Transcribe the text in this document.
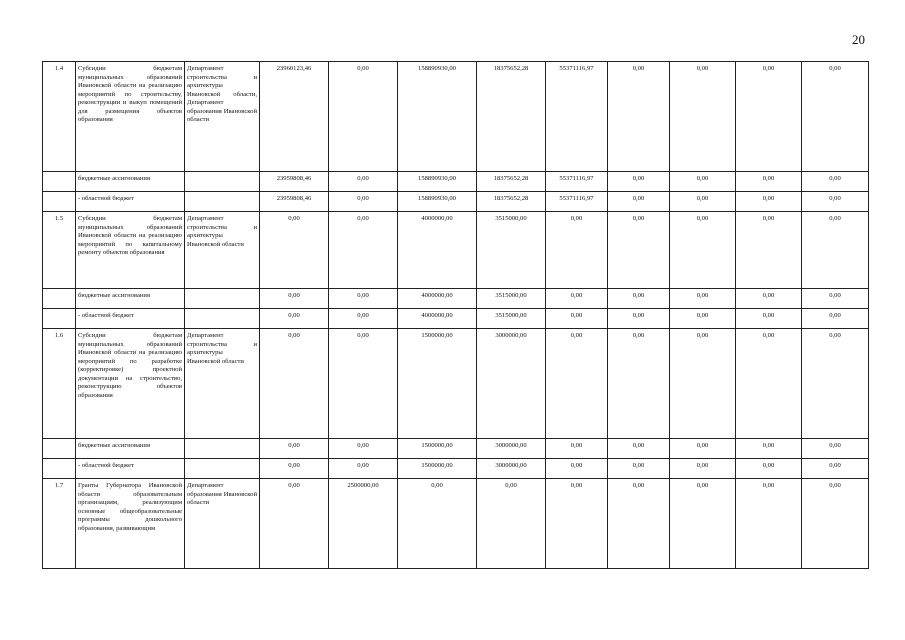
20
1.4	Субсидии бюджетам муниципальных образований Ивановской области на реализацию мероприятий по строительству, реконструкции и выкуп помещений для размещения объектов образования	Департамент строительства и архитектуры Ивановской области, Департамент образования Ивановской области	23960123,46	0,00	158890930,00	18375652,28	55371116,97	0,00	0,00	0,00	0,00
	бюджетные ассигнования		23959808,46	0,00	158890930,00	18375652,28	55371116,97	0,00	0,00	0,00	0,00
	- областной бюджет		23959808,46	0,00	158890930,00	18375652,28	55371116,97	0,00	0,00	0,00	0,00
1.5	Субсидии бюджетам муниципальных образований Ивановской области на реализацию мероприятий по капитальному ремонту объектов образования	Департамент строительства и архитектуры Ивановской области	0,00	0,00	4000000,00	3515000,00	0,00	0,00	0,00	0,00	0,00
	бюджетные ассигнования		0,00	0,00	4000000,00	3515000,00	0,00	0,00	0,00	0,00	0,00
	- областной бюджет		0,00	0,00	4000000,00	3515000,00	0,00	0,00	0,00	0,00	0,00
1.6	Субсидии бюджетам муниципальных образований Ивановской области на реализацию мероприятий по разработке (корректировке) проектной документации на строительство, реконструкцию объектов образования	Департамент строительства и архитектуры Ивановской области	0,00	0,00	1500000,00	3000000,00	0,00	0,00	0,00	0,00	0,00
	бюджетные ассигнования		0,00	0,00	1500000,00	3000000,00	0,00	0,00	0,00	0,00	0,00
	- областной бюджет		0,00	0,00	1500000,00	3000000,00	0,00	0,00	0,00	0,00	0,00
1.7	Гранты Губернатора Ивановской области образовательным организациям, реализующим основные общеобразовательные программы дошкольного образования, развивающим	Департамент образования Ивановской области	0,00	2500000,00	0,00	0,00	0,00	0,00	0,00	0,00	0,00
